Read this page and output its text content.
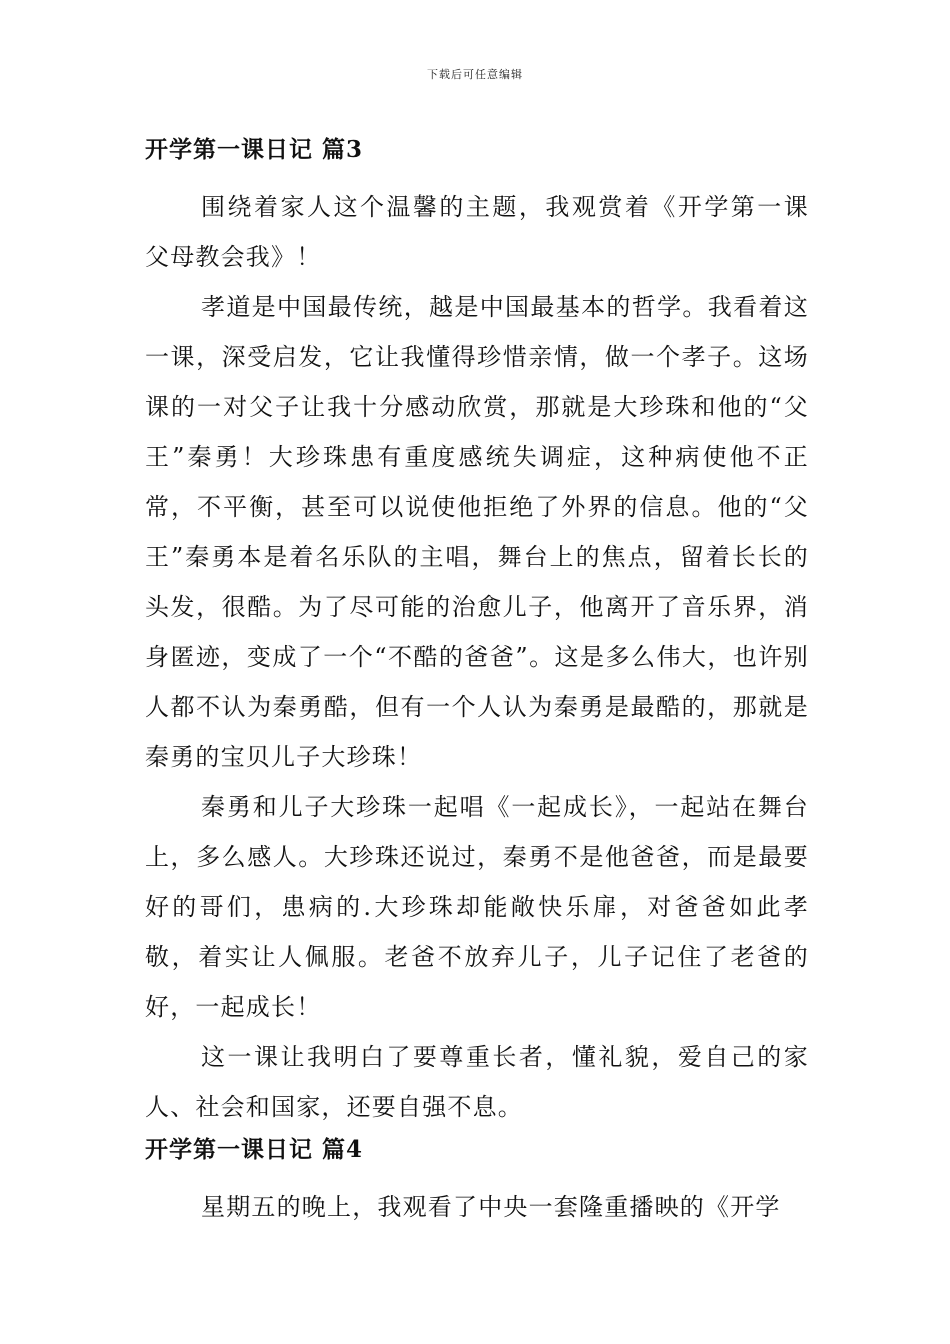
下载后可任意编辑
开学第一课日记 篇3

围绕着家人这个温馨的主题，我观赏着《开学第一课 父母教会我》！

孝道是中国最传统，越是中国最基本的哲学。我看着这一课，深受启发，它让我懂得珍惜亲情，做一个孝子。这场课的一对父子让我十分感动欣赏，那就是大珍珠和他的“父王”秦勇！大珍珠患有重度感统失调症，这种病使他不正常，不平衡，甚至可以说使他拒绝了外界的信息。他的“父王”秦勇本是着名乐队的主唱，舞台上的焦点，留着长长的头发，很酷。为了尽可能的治愈儿子，他离开了音乐界，消身匿迹，变成了一个“不酷的爸爸”。这是多么伟大，也许别人都不认为秦勇酷，但有一个人认为秦勇是最酷的，那就是秦勇的宝贝儿子大珍珠！

秦勇和儿子大珍珠一起唱《一起成长》，一起站在舞台上，多么感人。大珍珠还说过，秦勇不是他爸爸，而是最要好的哥们，患病的.大珍珠却能敞快乐扉，对爸爸如此孝敬，着实让人佩服。老爸不放弃儿子，儿子记住了老爸的好，一起成长！

这一课让我明白了要尊重长者，懂礼貌，爱自己的家人、社会和国家，还要自强不息。

开学第一课日记 篇4

星期五的晚上，我观看了中央一套隆重播映的《开学
